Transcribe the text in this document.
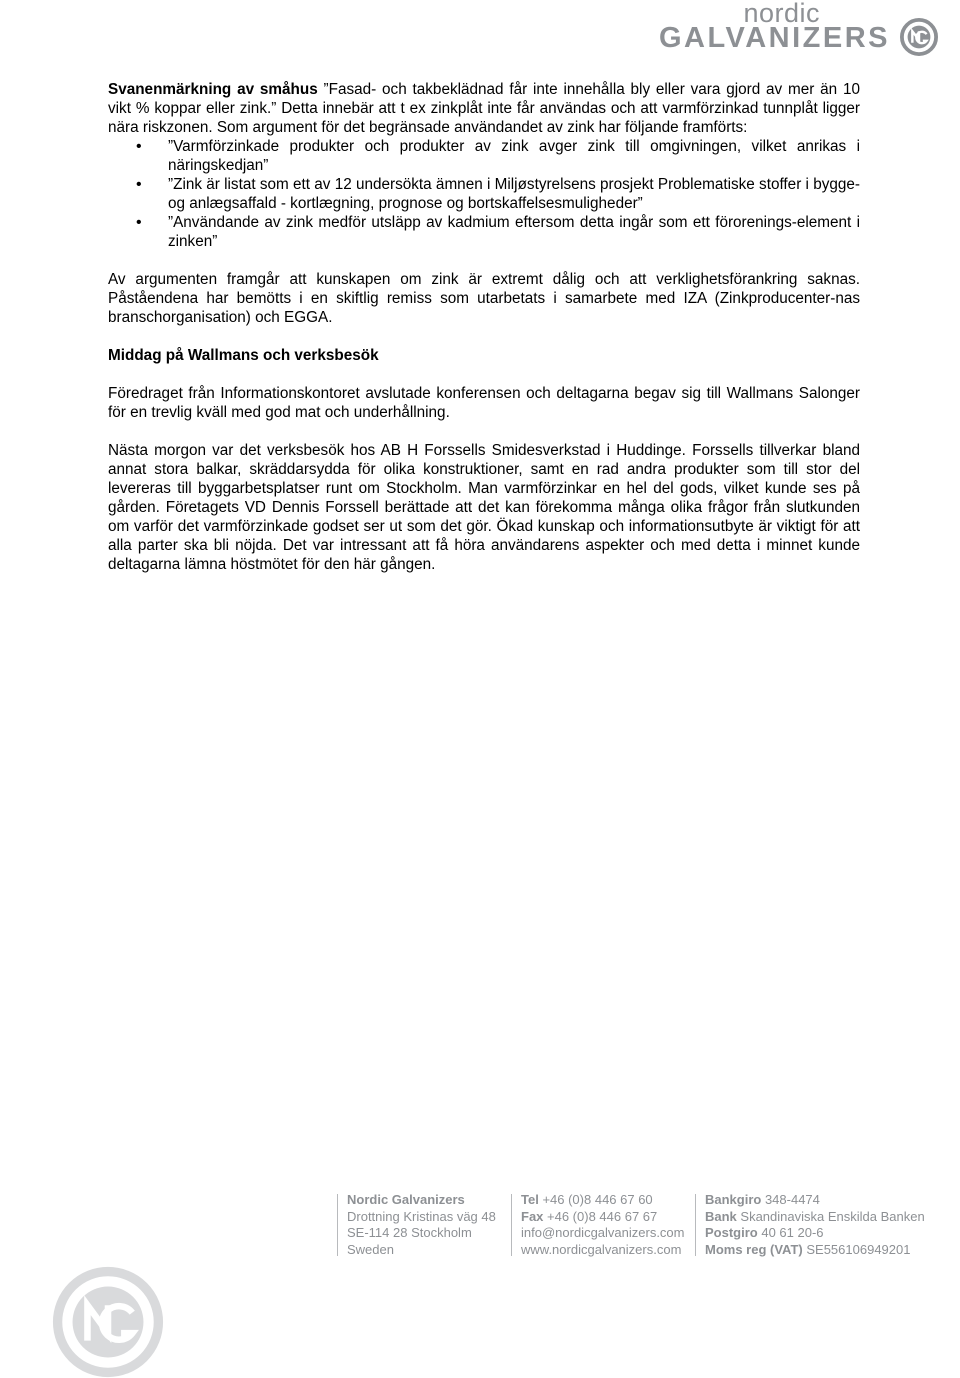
nordic
GALVANIZERS

Svanenmärkning av småhus ”Fasad- och takbeklädnad får inte innehålla bly eller vara gjord av mer än 10 vikt % koppar eller zink.” Detta innebär att t ex zinkplåt inte får användas och att varmförzinkad tunnplåt ligger nära riskzonen. Som argument för det begränsade användandet av zink har följande framförts:

• ”Varmförzinkade produkter och produkter av zink avger zink till omgivningen, vilket anrikas i näringskedjan”
• ”Zink är listat som ett av 12 undersökta ämnen i Miljøstyrelsens prosjekt Problematiske stoffer i bygge- og anlægsaffald - kortlægning, prognose og bortskaffelsesmuligheder”
• ”Användande av zink medför utsläpp av kadmium eftersom detta ingår som ett förorenings-element i zinken”

Av argumenten framgår att kunskapen om zink är extremt dålig och att verklighetsförankring saknas. Påståendena har bemötts i en skiftlig remiss som utarbetats i samarbete med IZA (Zinkproducenter-nas branschorganisation) och EGGA.

Middag på Wallmans och verksbesök

Föredraget från Informationskontoret avslutade konferensen och deltagarna begav sig till Wallmans Salonger för en trevlig kväll med god mat och underhållning.

Nästa morgon var det verksbesök hos AB H Forssells Smidesverkstad i Huddinge. Forssells tillverkar bland annat stora balkar, skräddarsydda för olika konstruktioner, samt en rad andra produkter som till stor del levereras till byggarbetsplatser runt om Stockholm. Man varmförzinkar en hel del gods, vilket kunde ses på gården. Företagets VD Dennis Forssell berättade att det kan förekomma många olika frågor från slutkunden om varför det varmförzinkade godset ser ut som det gör. Ökad kunskap och informationsutbyte är viktigt för att alla parter ska bli nöjda. Det var intressant att få höra användarens aspekter och med detta i minnet kunde deltagarna lämna höstmötet för den här gången.

Nordic Galvanizers
Drottning Kristinas väg 48
SE-114 28 Stockholm
Sweden
Tel +46 (0)8 446 67 60
Fax +46 (0)8 446 67 67
info@nordicgalvanizers.com
www.nordicgalvanizers.com
Bankgiro 348-4474
Bank Skandinaviska Enskilda Banken
Postgiro 40 61 20-6
Moms reg (VAT) SE556106949201
